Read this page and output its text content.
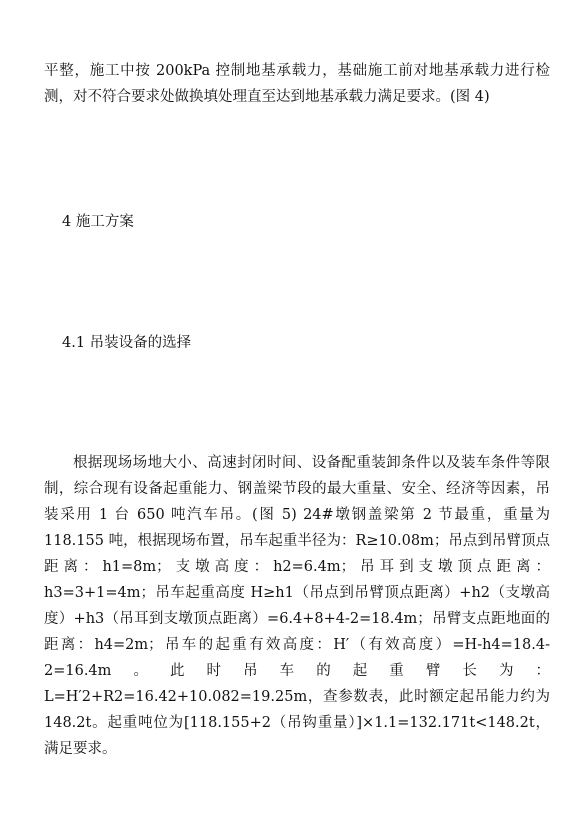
平整，施工中按 200kPa 控制地基承载力，基础施工前对地基承载力进行检测，对不符合要求处做换填处理直至达到地基承载力满足要求。(图 4)

4 施工方案
4.1 吊装设备的选择

根据现场场地大小、高速封闭时间、设备配重装卸条件以及装车条件等限制，综合现有设备起重能力、钢盖梁节段的最大重量、安全、经济等因素，吊装采用 1 台 650 吨汽车吊。(图 5) 24#墩钢盖梁第 2 节最重，重量为 118.155 吨，根据现场布置，吊车起重半径为：R≥10.08m；吊点到吊臂顶点距离：h1=8m；支墩高度：h2=6.4m；吊耳到支墩顶点距离：h3=3+1=4m；吊车起重高度 H≥h1（吊点到吊臂顶点距离）+h2（支墩高度）+h3（吊耳到支墩顶点距离）=6.4+8+4-2=18.4m；吊臂支点距地面的距离：h4=2m；吊车的起重有效高度：H′（有效高度）=H-h4=18.4-2=16.4m。此时吊车的起重臂长为：L=H′2+R2=16.42+10.082=19.25m，查参数表，此时额定起吊能力约为 148.2t。起重吨位为[118.155+2（吊钩重量）]×1.1=132.171t<148.2t，满足要求。
